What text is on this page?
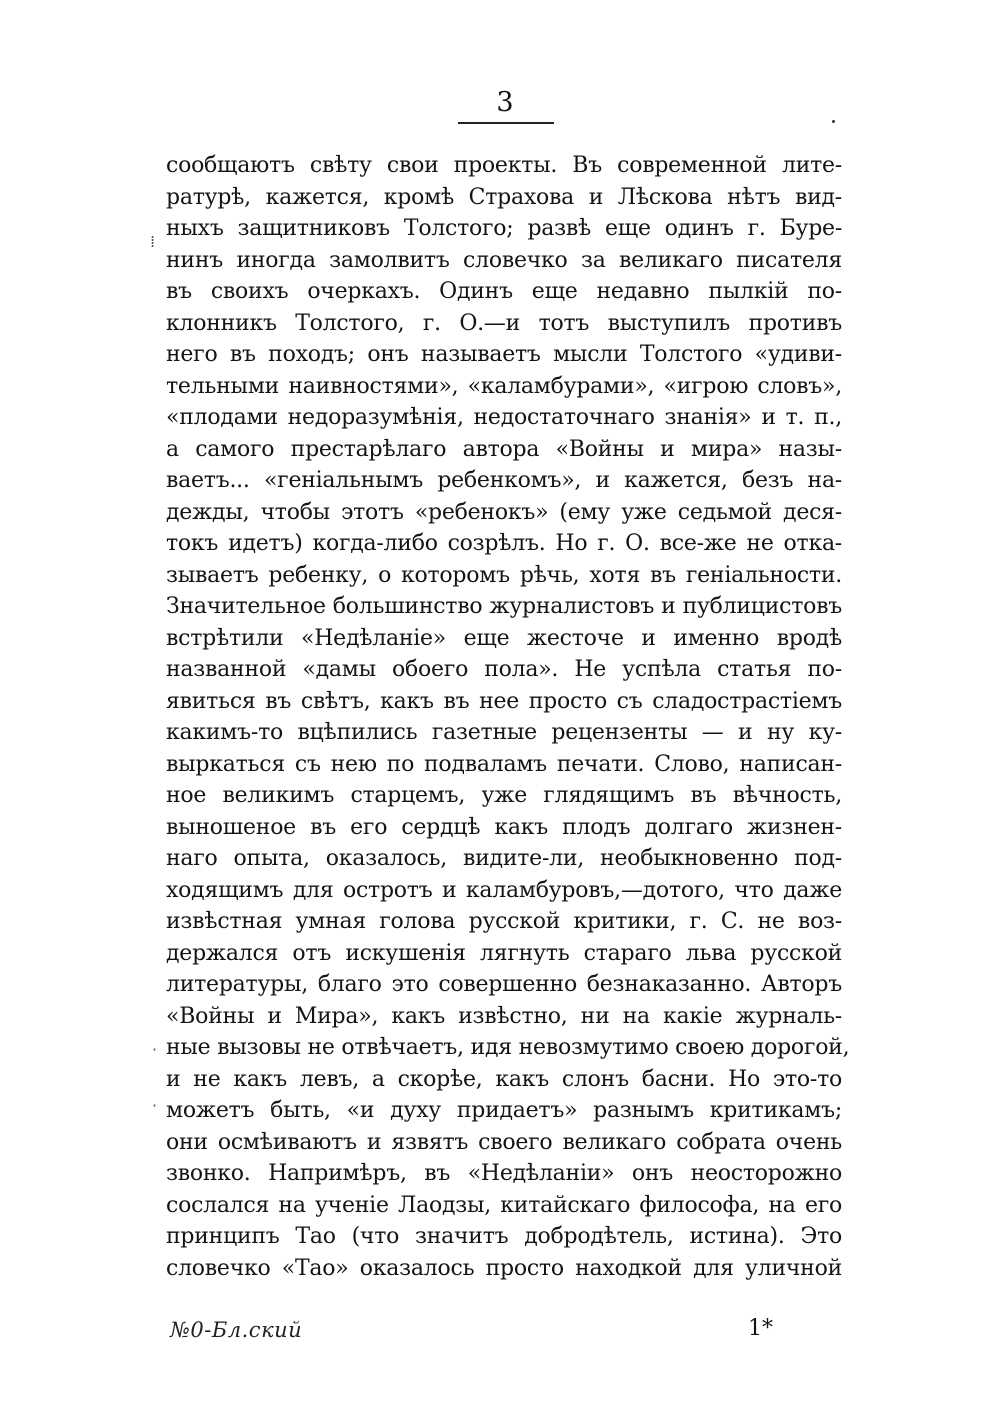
3
⁞
·
·
сообщаютъ свѣту свои проекты. Въ современной лите-
ратурѣ, кажется, кромѣ Страхова и Лѣскова нѣтъ вид-
ныхъ защитниковъ Толстого; развѣ еще одинъ г. Буре-
нинъ иногда замолвитъ словечко за великаго писателя
въ своихъ очеркахъ. Одинъ еще недавно пылкій по-
клонникъ Толстого, г. О.—и тотъ выступилъ противъ
него въ походъ; онъ называетъ мысли Толстого «удиви-
тельными наивностями», «каламбурами», «игрою словъ»,
«плодами недоразумѣнія, недостаточнаго знанія» и т. п.,
а самого престарѣлаго автора «Войны и мира» назы-
ваетъ... «геніальнымъ ребенкомъ», и кажется, безъ на-
дежды, чтобы этотъ «ребенокъ» (ему уже седьмой деся-
токъ идетъ) когда-либо созрѣлъ. Но г. О. все-же не отка-
зываетъ ребенку, о которомъ рѣчь, хотя въ геніальности.
Значительное большинство журналистовъ и публицистовъ
встрѣтили «Недѣланіе» еще жесточе и именно вродѣ
названной «дамы обоего пола». Не успѣла статья по-
явиться въ свѣтъ, какъ въ нее просто съ сладострастіемъ
какимъ-то вцѣпились газетные рецензенты — и ну ку-
выркаться съ нею по подваламъ печати. Слово, написан-
ное великимъ старцемъ, уже глядящимъ въ вѣчность,
выношеное въ его сердцѣ какъ плодъ долгаго жизнен-
наго опыта, оказалось, видите-ли, необыкновенно под-
ходящимъ для остротъ и каламбуровъ,—дотого, что даже
извѣстная умная голова русской критики, г. С. не воз-
держался отъ искушенія лягнуть стараго льва русской
литературы, благо это совершенно безнаказанно. Авторъ
«Войны и Мира», какъ извѣстно, ни на какіе журналь-
ные вызовы не отвѣчаетъ, идя невозмутимо своею дорогой,
и не какъ левъ, а скорѣе, какъ слонъ басни. Но это-то
можетъ быть, «и духу придаетъ» разнымъ критикамъ;
они осмѣиваютъ и язвятъ своего великаго собрата очень
звонко. Напримѣръ, въ «Недѣланіи» онъ неосторожно
сослался на ученіе Лаодзы, китайскаго философа, на его
принципъ Тао (что значитъ добродѣтель, истина). Это
словечко «Тао» оказалось просто находкой для уличной
№0-Бл.ский	1*
